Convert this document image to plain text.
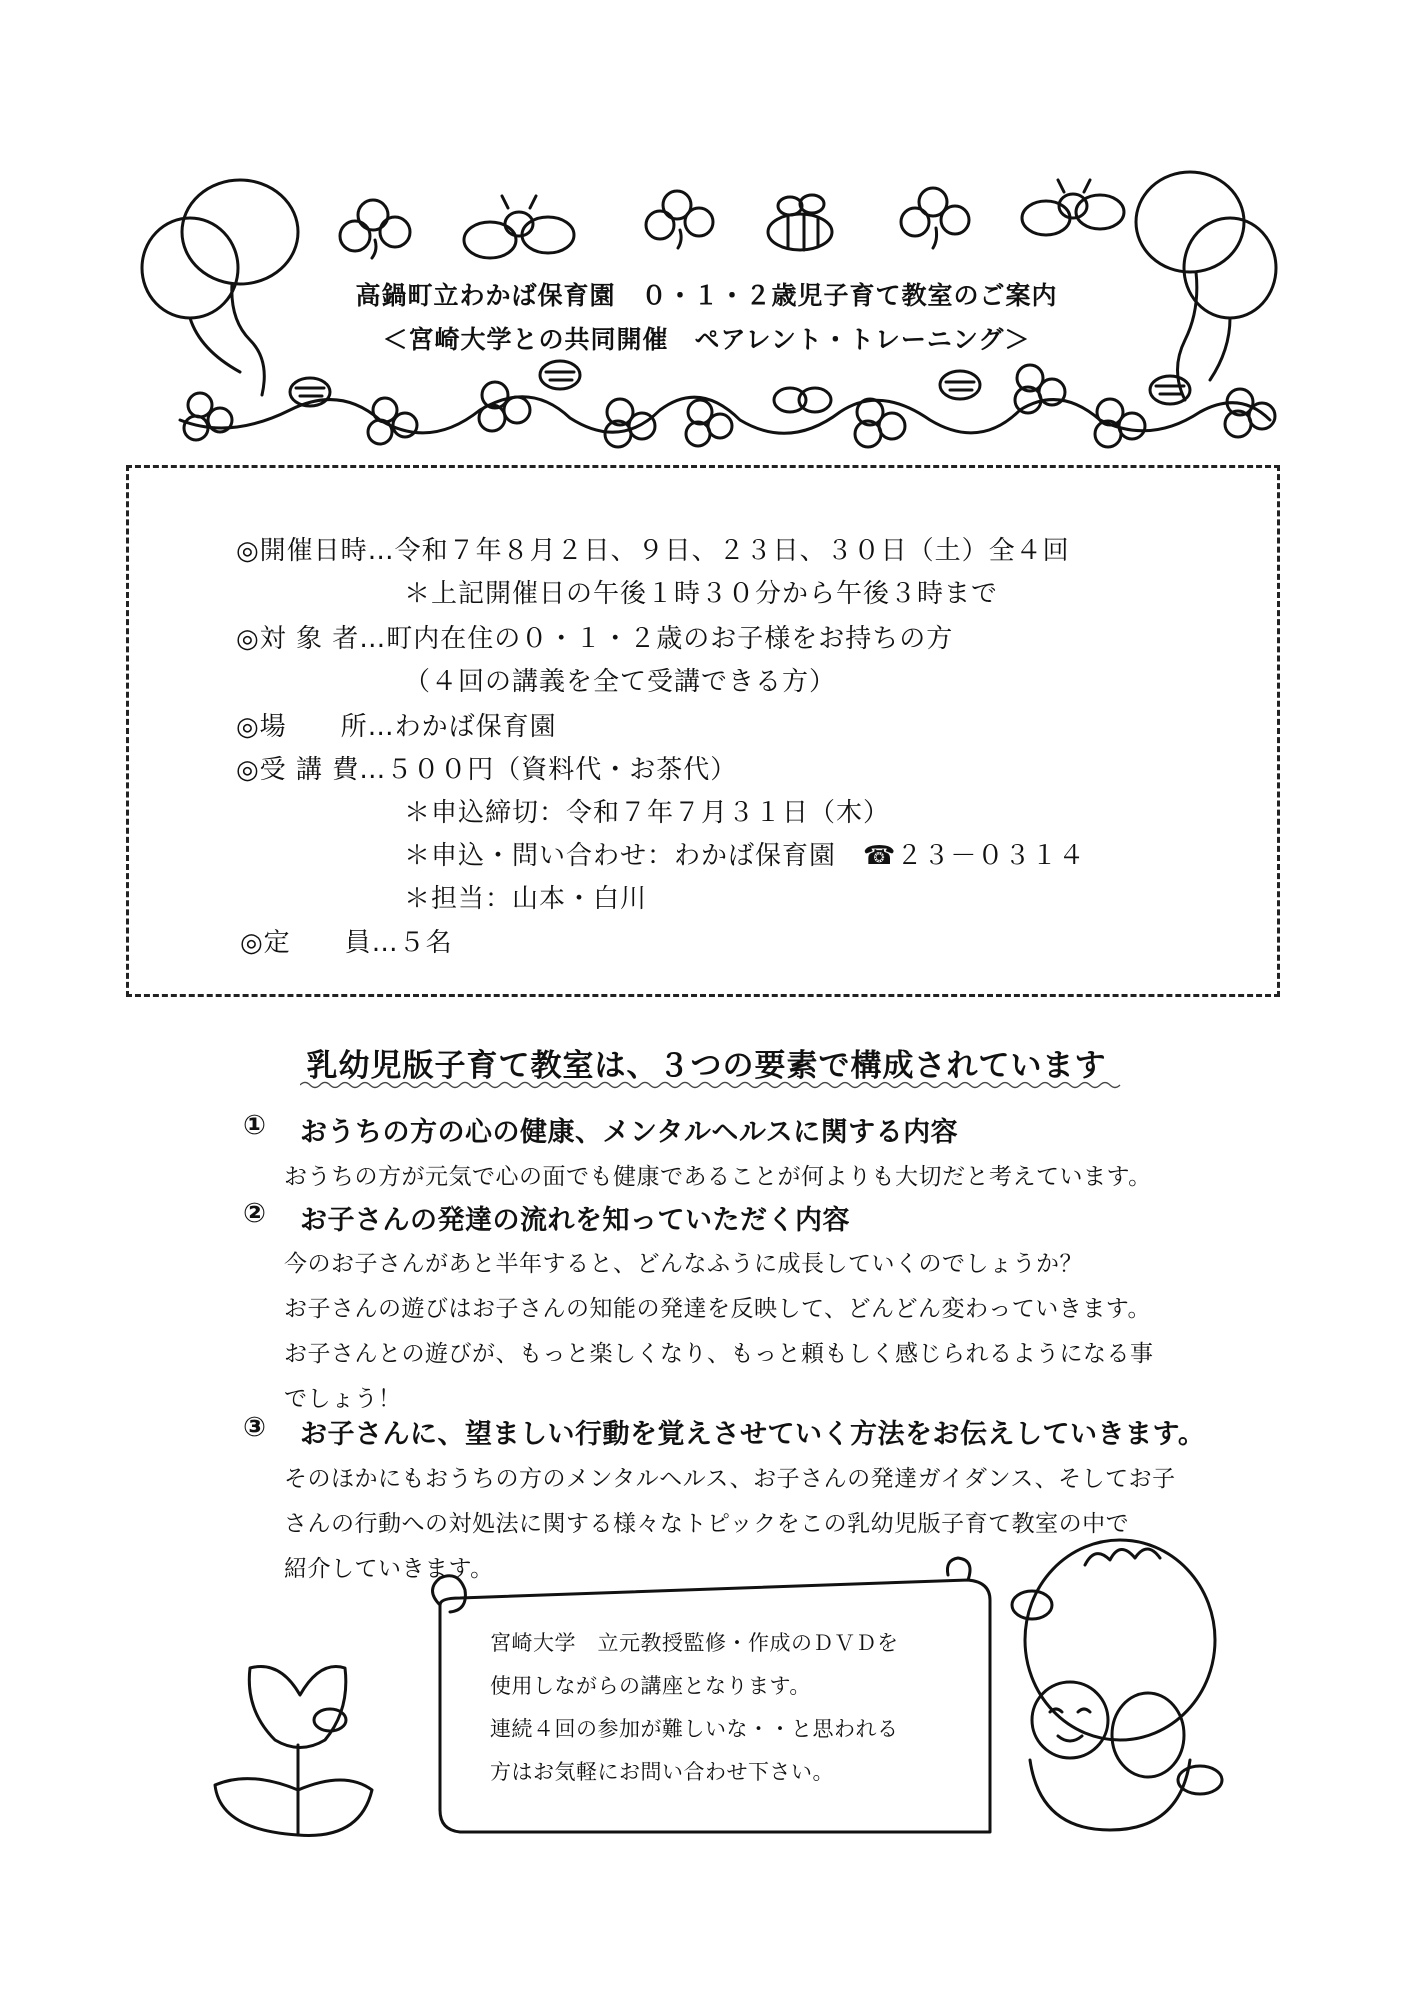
高鍋町立わかば保育園　０・１・２歳児子育て教室のご案内
＜宮崎大学との共同開催　ペアレント・トレーニング＞
◎開催日時…令和７年８月２日、９日、２３日、３０日（土）全４回
＊上記開催日の午後１時３０分から午後３時まで
◎対 象 者…町内在住の０・１・２歳のお子様をお持ちの方
（４回の講義を全て受講できる方）
◎場　　所…わかば保育園
◎受 講 費…５００円（資料代・お茶代）
＊申込締切：令和７年７月３１日（木）
＊申込・問い合わせ：わかば保育園　☎２３－０３１４
＊担当：山本・白川
◎定　　員…５名
乳幼児版子育て教室は、３つの要素で構成されています
① おうちの方の心の健康、メンタルヘルスに関する内容
おうちの方が元気で心の面でも健康であることが何よりも大切だと考えています。
② お子さんの発達の流れを知っていただく内容
今のお子さんがあと半年すると、どんなふうに成長していくのでしょうか？
お子さんの遊びはお子さんの知能の発達を反映して、どんどん変わっていきます。
お子さんとの遊びが、もっと楽しくなり、もっと頼もしく感じられるようになる事
でしょう！
③ お子さんに、望ましい行動を覚えさせていく方法をお伝えしていきます。
そのほかにもおうちの方のメンタルヘルス、お子さんの発達ガイダンス、そしてお子
さんの行動への対処法に関する様々なトピックをこの乳幼児版子育て教室の中で
紹介していきます。
宮崎大学　立元教授監修・作成のＤＶＤを
使用しながらの講座となります。
連続４回の参加が難しいな・・と思われる
方はお気軽にお問い合わせ下さい。
